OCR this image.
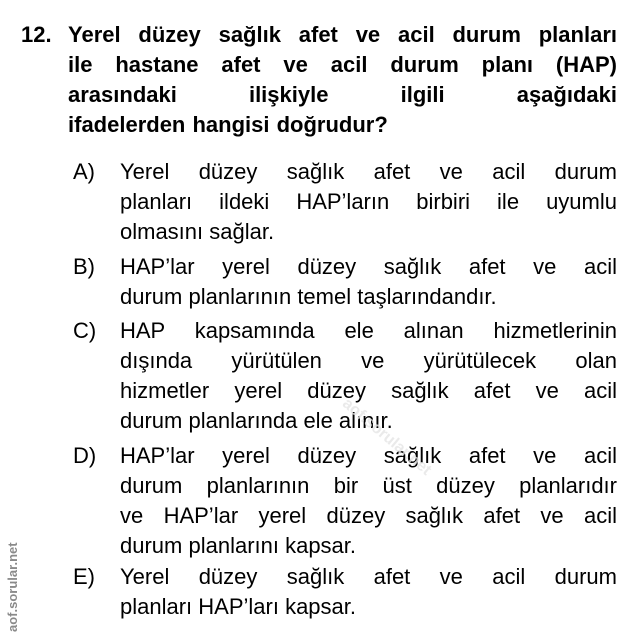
12. Yerel düzey sağlık afet ve acil durum planları
ile hastane afet ve acil durum planı (HAP)
arasındaki ilişkiyle ilgili aşağıdaki
ifadelerden hangisi doğrudur?
A) Yerel düzey sağlık afet ve acil durum
planları ildeki HAP’ların birbiri ile uyumlu
olmasını sağlar.
B) HAP’lar yerel düzey sağlık afet ve acil
durum planlarının temel taşlarındandır.
C) HAP kapsamında ele alınan hizmetlerinin
dışında yürütülen ve yürütülecek olan
hizmetler yerel düzey sağlık afet ve acil
durum planlarında ele alınır.
D) HAP’lar yerel düzey sağlık afet ve acil
durum planlarının bir üst düzey planlarıdır
ve HAP’lar yerel düzey sağlık afet ve acil
durum planlarını kapsar.
E) Yerel düzey sağlık afet ve acil durum
planları HAP’ları kapsar.
aof.sorular.net
aof.sorular.net
